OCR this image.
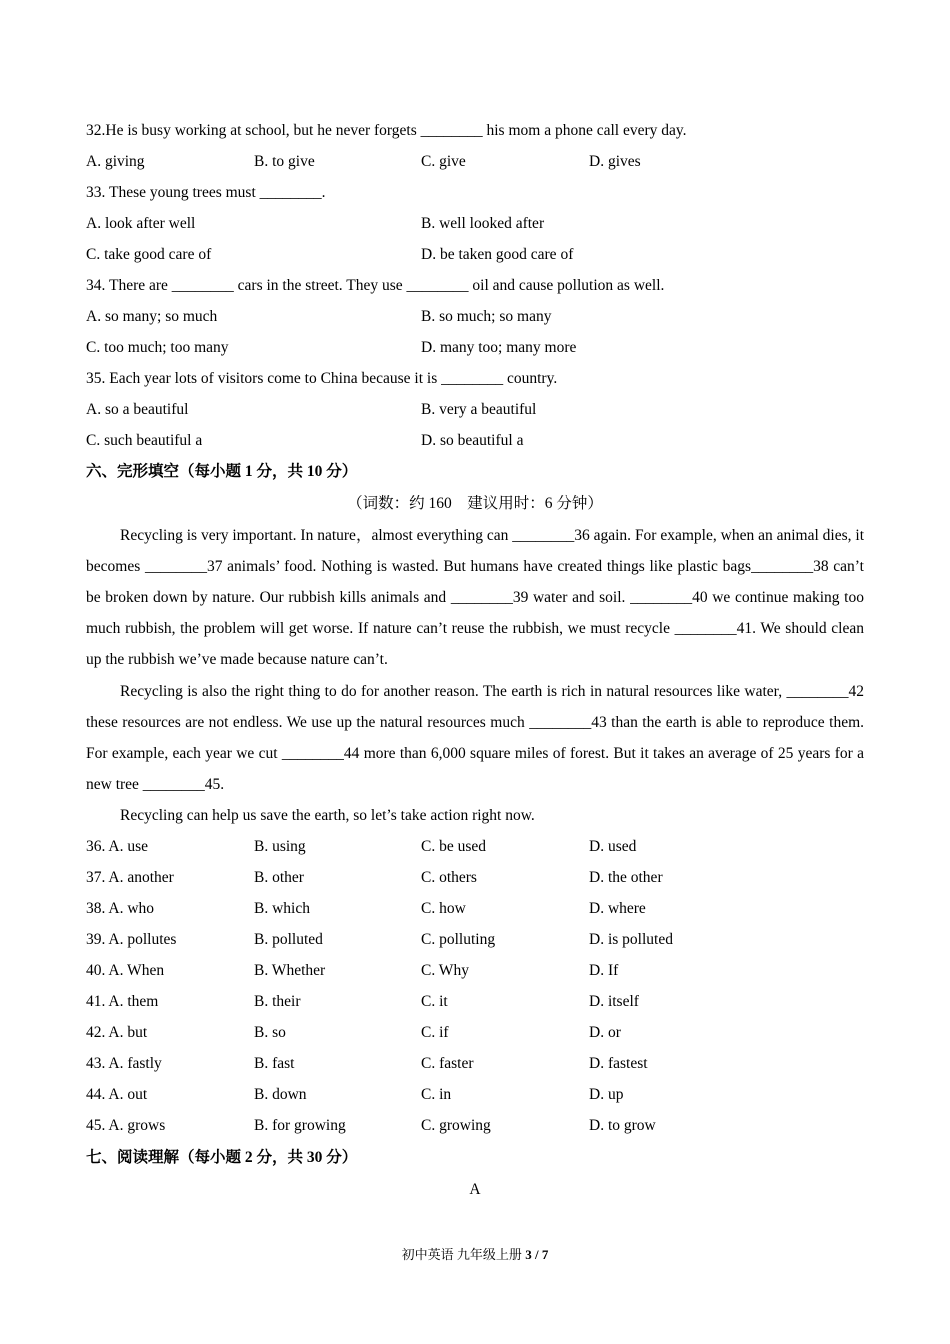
32.He is busy working at school, but he never forgets ________ his mom a phone call every day.
A. giving	B. to give	C. give	D. gives
33. These young trees must ________.
A. look after well	B. well looked after
C. take good care of	D. be taken good care of
34. There are ________ cars in the street. They use ________ oil and cause pollution as well.
A. so many; so much	B. so much; so many
C. too much; too many	D. many too; many more
35. Each year lots of visitors come to China because it is ________ country.
A. so a beautiful	B. very a beautiful
C. such beautiful a	D. so beautiful a
六、完形填空（每小题 1 分，共 10 分）
（词数：约 160　建议用时：6 分钟）
Recycling is very important. In nature，almost everything can ________36 again. For example, when an animal dies, it becomes ________37 animals’ food. Nothing is wasted. But humans have created things like plastic bags________38 can’t be broken down by nature. Our rubbish kills animals and ________39 water and soil. ________40 we continue making too much rubbish, the problem will get worse. If nature can’t reuse the rubbish, we must recycle ________41. We should clean up the rubbish we’ve made because nature can’t.
Recycling is also the right thing to do for another reason. The earth is rich in natural resources like water, ________42 these resources are not endless. We use up the natural resources much ________43 than the earth is able to reproduce them. For example, each year we cut ________44 more than 6,000 square miles of forest. But it takes an average of 25 years for a new tree ________45.
Recycling can help us save the earth, so let’s take action right now.
36. A. use	B. using	C. be used	D. used
37. A. another	B. other	C. others	D. the other
38. A. who	B. which	C. how	D. where
39. A. pollutes	B. polluted	C. polluting	D. is polluted
40. A. When	B. Whether	C. Why	D. If
41. A. them	B. their	C. it	D. itself
42. A. but	B. so	C. if	D. or
43. A. fastly	B. fast	C. faster	D. fastest
44. A. out	B. down	C. in	D. up
45. A. grows	B. for growing	C. growing	D. to grow
七、阅读理解（每小题 2 分，共 30 分）
A
初中英语 九年级上册 3 / 7
